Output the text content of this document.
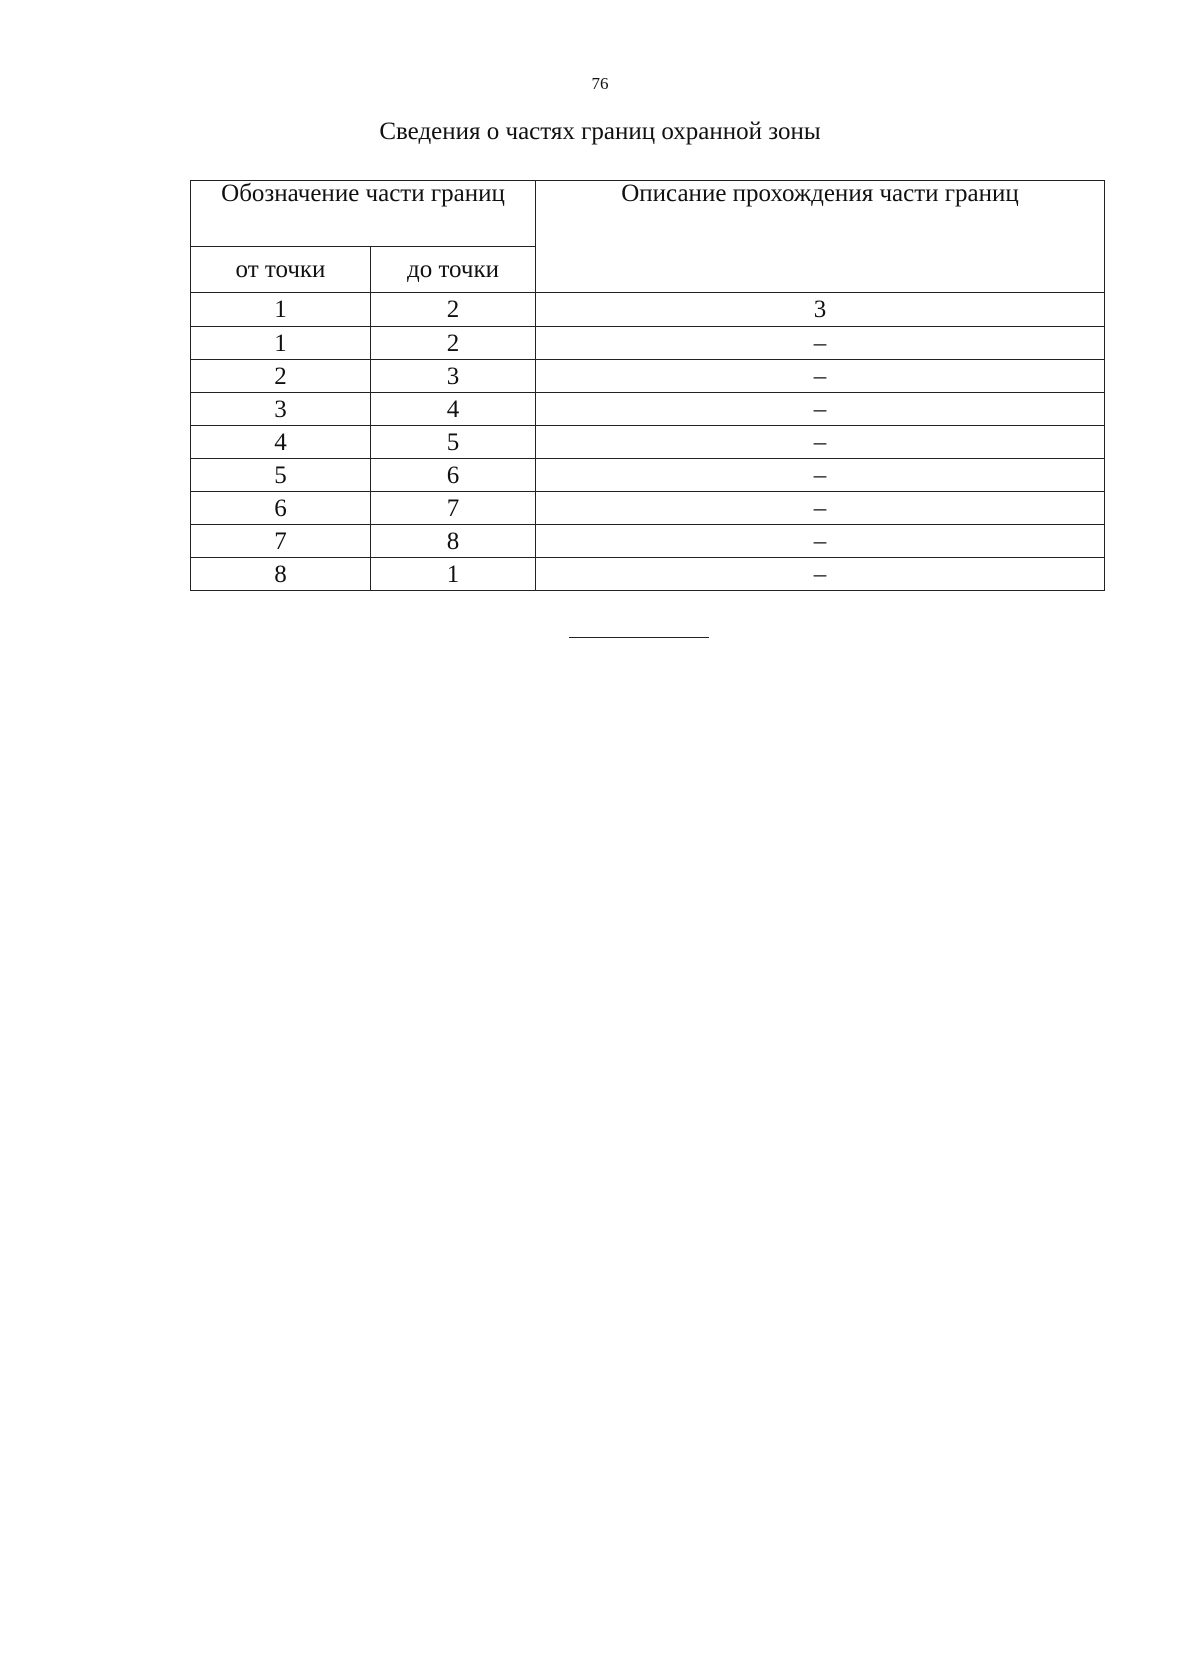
76
Сведения о частях границ охранной зоны
Обозначение части границ		Описание прохождения части границ
от точки	до точки	
1	2	3
1	2	–
2	3	–
3	4	–
4	5	–
5	6	–
6	7	–
7	8	–
8	1	–
